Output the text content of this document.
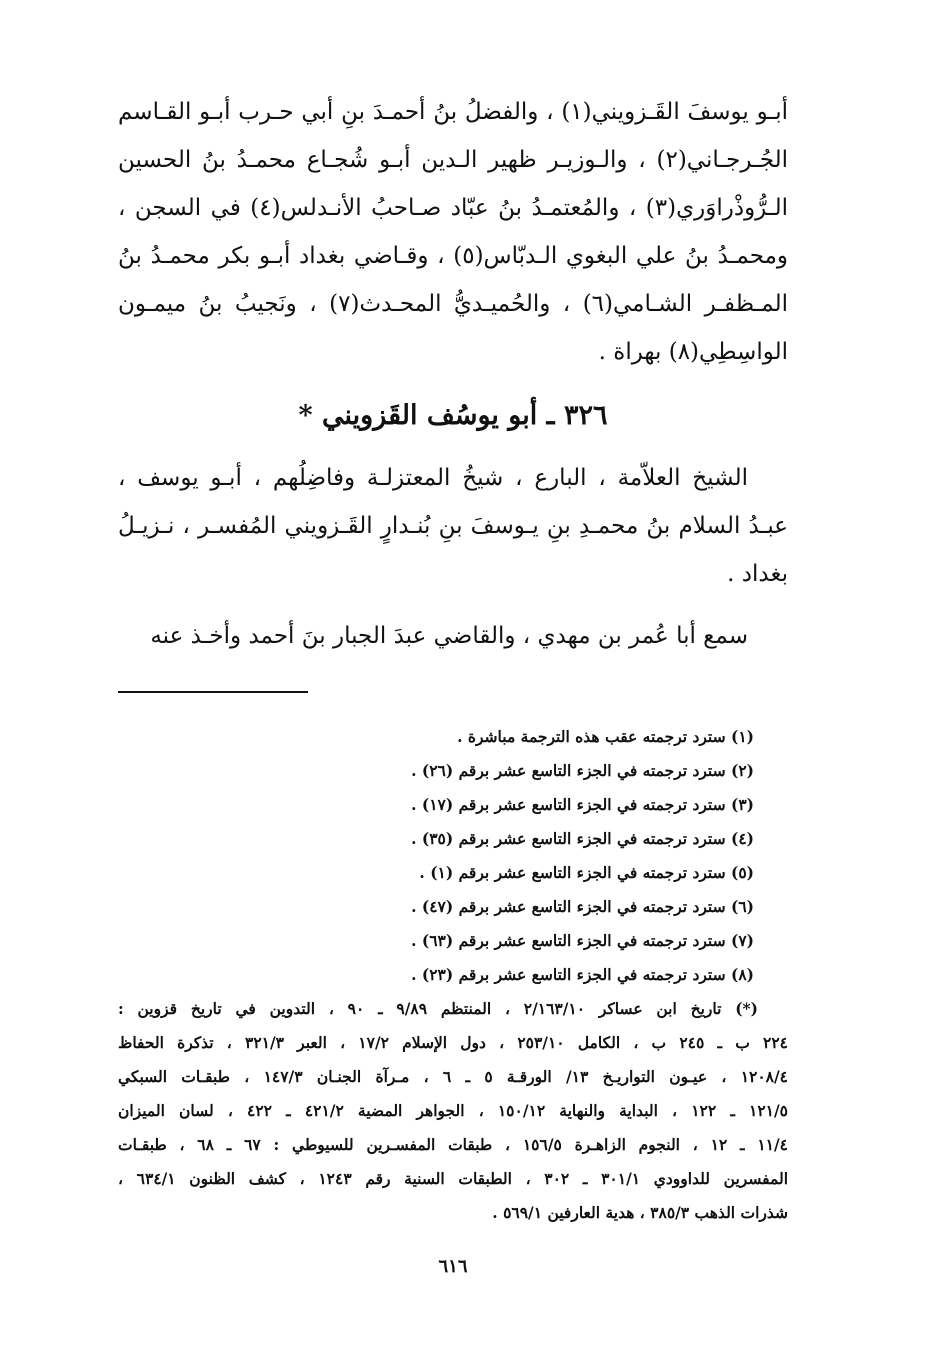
أبـو يوسفَ القَـزويني(١) ، والفضلُ بنُ أحمـدَ بنِ أبي حـرب أبـو القـاسم
الجُـرجـاني(٢) ، والـوزيـر ظهير الـدين أبـو شُجـاع محمـدُ بنُ الحسين
الـرُّوذْراوَري(٣) ، والمُعتمـدُ بنُ عبّاد صـاحبُ الأنـدلس(٤) في السجن ،
ومحمـدُ بنُ علي البغوي الـدبّاس(٥) ، وقـاضي بغداد أبـو بكر محمـدُ بنُ
المـظفـر الشـامي(٦) ، والحُميـديُّ المحـدث(٧) ، ونَجيبُ بنُ ميمـون
الواسِطِي(٨) بهراة .
٣٢٦ ـ أبو يوسُف القَزويني *
الشيخ العلاّمة ، البارع ، شيخُ المعتزلـة وفاضِلُهم ، أبـو يوسف ،
عبـدُ السلام بنُ محمـدِ بنِ يـوسفَ بنِ بُنـدارٍ القَـزويني المُفسـر ، نـزيـلُ
بغداد .
سمع أبا عُمر بن مهدي ، والقاضي عبدَ الجبار بنَ أحمد وأخـذ عنه
(١) سترد ترجمته عقب هذه الترجمة مباشرة .
(٢) سترد ترجمته في الجزء التاسع عشر برقم (٢٦) .
(٣) سترد ترجمته في الجزء التاسع عشر برقم (١٧) .
(٤) سترد ترجمته في الجزء التاسع عشر برقم (٣٥) .
(٥) سترد ترجمته في الجزء التاسع عشر برقم (١) .
(٦) سترد ترجمته في الجزء التاسع عشر برقم (٤٧) .
(٧) سترد ترجمته في الجزء التاسع عشر برقم (٦٣) .
(٨) سترد ترجمته في الجزء التاسع عشر برقم (٢٣) .
(*) تاريخ ابن عساكر ٢/١٦٣/١٠ ، المنتظم ٩/٨٩ ـ ٩٠ ، التدوين في تاريخ قزوين :
٢٢٤ ب ـ ٢٤٥ ب ، الكامل ٢٥٣/١٠ ، دول الإسلام ١٧/٢ ، العبر ٣٢١/٣ ، تذكرة الحفاظ
١٢٠٨/٤ ، عيـون التواريـخ ١٣/ الورقـة ٥ ـ ٦ ، مـرآة الجنـان ١٤٧/٣ ، طبقـات السبكي
١٢١/٥ ـ ١٢٢ ، البداية والنهاية ١٥٠/١٢ ، الجواهر المضية ٤٢١/٢ ـ ٤٢٢ ، لسان الميزان
١١/٤ ـ ١٢ ، النجوم الزاهـرة ١٥٦/٥ ، طبقات المفسـرين للسيوطي : ٦٧ ـ ٦٨ ، طبقـات
المفسرين للداوودي ٣٠١/١ ـ ٣٠٢ ، الطبقات السنية رقم ١٢٤٣ ، كشف الظنون ٦٣٤/١ ،
شذرات الذهب ٣٨٥/٣ ، هدية العارفين ٥٦٩/١ .
٦١٦
